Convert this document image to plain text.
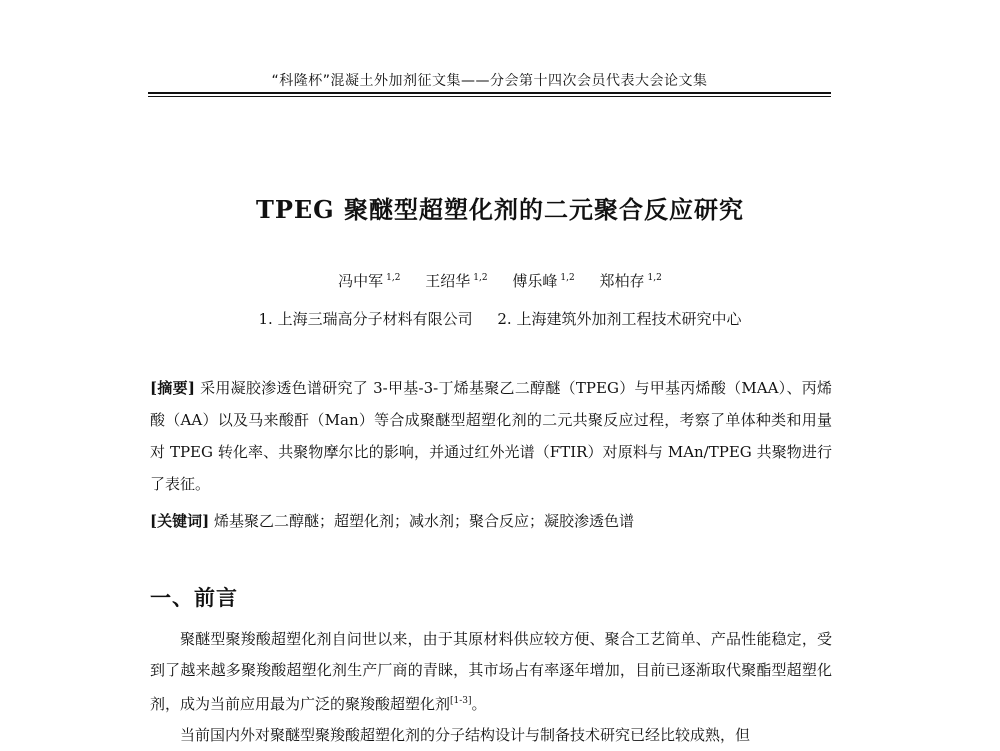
“科隆杯”混凝土外加剂征文集——分会第十四次会员代表大会论文集
TPEG 聚醚型超塑化剂的二元聚合反应研究
冯中军 $^{1,2}$ 王绍华 $^{1,2}$ 傅乐峰 $^{1,2}$ 郑柏存 $^{1,2}$
1. 上海三瑞高分子材料有限公司 2. 上海建筑外加剂工程技术研究中心
[摘要] 采用凝胶渗透色谱研究了 3-甲基-3-丁烯基聚乙二醇醚（TPEG）与甲基丙烯酸（MAA）、丙烯酸（AA）以及马来酸酐（Man）等合成聚醚型超塑化剂的二元共聚反应过程，考察了单体种类和用量对 TPEG 转化率、共聚物摩尔比的影响，并通过红外光谱（FTIR）对原料与 MAn/TPEG 共聚物进行了表征。
[关键词] 烯基聚乙二醇醚；超塑化剂；减水剂；聚合反应；凝胶渗透色谱
一、前言

聚醚型聚羧酸超塑化剂自问世以来，由于其原材料供应较方便、聚合工艺简单、产品性能稳定，受到了越来越多聚羧酸超塑化剂生产厂商的青睐，其市场占有率逐年增加，目前已逐渐取代聚酯型超塑化剂，成为当前应用最为广泛的聚羧酸超塑化剂[1-3]。

当前国内外对聚醚型聚羧酸超塑化剂的分子结构设计与制备技术研究已经比较成熟，但
